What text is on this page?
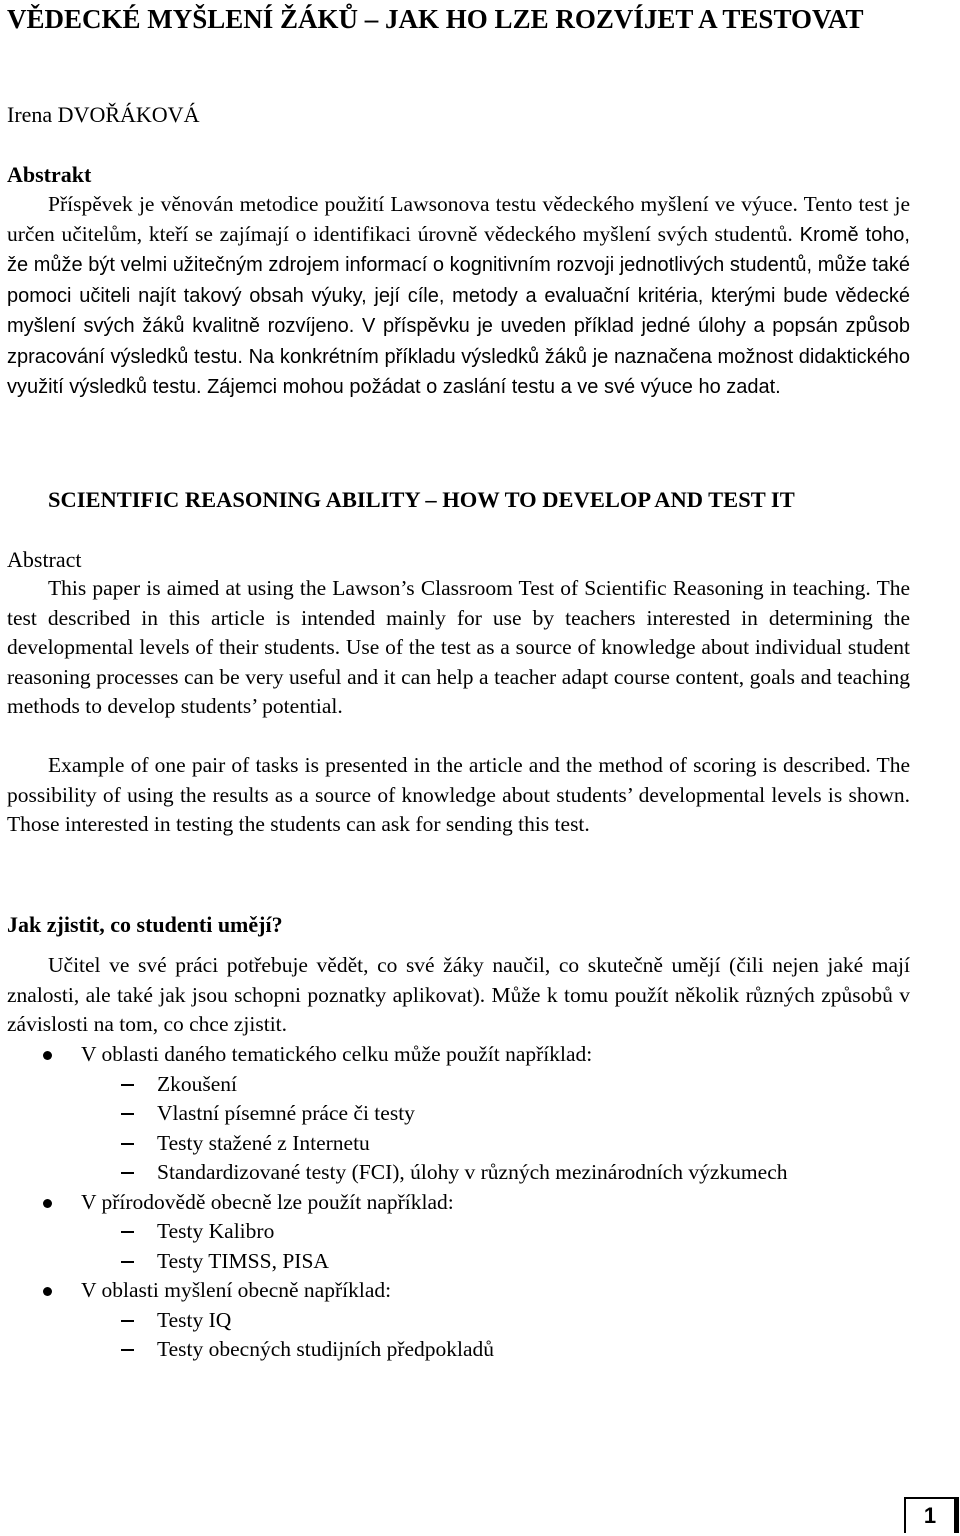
VĚDECKÉ MYŠLENÍ ŽÁKŮ – JAK HO LZE ROZVÍJET A TESTOVAT

Irena DVOŘÁKOVÁ

Abstrakt

Příspěvek je věnován metodice použití Lawsonova testu vědeckého myšlení ve výuce. Tento test je určen učitelům, kteří se zajímají o identifikaci úrovně vědeckého myšlení svých studentů. Kromě toho, že může být velmi užitečným zdrojem informací o kognitivním rozvoji jednotlivých studentů, může také pomoci učiteli najít takový obsah výuky, její cíle, metody a evaluační kritéria, kterými bude vědecké myšlení svých žáků kvalitně rozvíjeno. V příspěvku je uveden příklad jedné úlohy a popsán způsob zpracování výsledků testu. Na konkrétním příkladu výsledků žáků je naznačena možnost didaktického využití výsledků testu. Zájemci mohou požádat o zaslání testu a ve své výuce ho zadat.

SCIENTIFIC REASONING ABILITY – HOW TO DEVELOP AND TEST IT

Abstract

This paper is aimed at using the Lawson’s Classroom Test of Scientific Reasoning in teaching. The test described in this article is intended mainly for use by teachers interested in determining the developmental levels of their students. Use of the test as a source of knowledge about individual student reasoning processes can be very useful and it can help a teacher adapt course content, goals and teaching methods to develop students’ potential.

Example of one pair of tasks is presented in the article and the method of scoring is described. The possibility of using the results as a source of knowledge about students’ developmental levels is shown. Those interested in testing the students can ask for sending this test.

Jak zjistit, co studenti umějí?

Učitel ve své práci potřebuje vědět, co své žáky naučil, co skutečně umějí (čili nejen jaké mají znalosti, ale také jak jsou schopni poznatky aplikovat). Může k tomu použít několik různých způsobů v závislosti na tom, co chce zjistit.

V oblasti daného tematického celku může použít například:
Zkoušení
Vlastní písemné práce či testy
Testy stažené z Internetu
Standardizované testy (FCI), úlohy v různých mezinárodních výzkumech
V přírodovědě obecně lze použít například:
Testy Kalibro
Testy TIMSS, PISA
V oblasti myšlení obecně například:
Testy IQ
Testy obecných studijních předpokladů
1
